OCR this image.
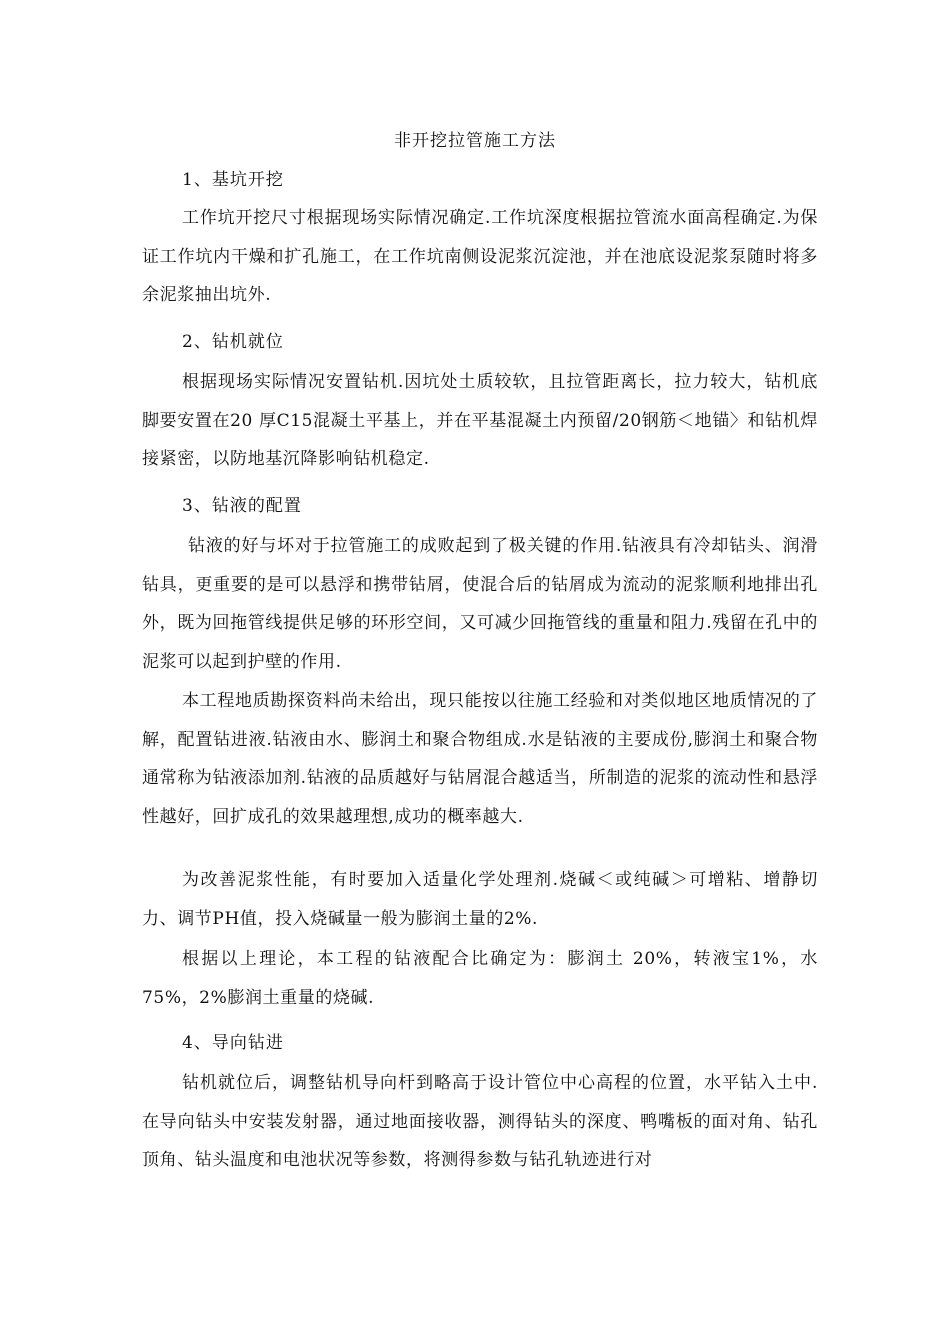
非开挖拉管施工方法
1、基坑开挖
工作坑开挖尺寸根据现场实际情况确定.工作坑深度根据拉管流水面高程确定.为保证工作坑内干燥和扩孔施工，在工作坑南侧设泥浆沉淀池，并在池底设泥浆泵随时将多余泥浆抽出坑外.
2、钻机就位
根据现场实际情况安置钻机.因坑处土质较软，且拉管距离长，拉力较大，钻机底脚要安置在20 厚C15混凝土平基上，并在平基混凝土内预留/20钢筋＜地锚〉和钻机焊接紧密，以防地基沉降影响钻机稳定.
3、钻液的配置
钻液的好与坏对于拉管施工的成败起到了极关键的作用.钻液具有冷却钻头、润滑钻具，更重要的是可以悬浮和携带钻屑，使混合后的钻屑成为流动的泥浆顺利地排出孔外，既为回拖管线提供足够的环形空间，又可减少回拖管线的重量和阻力.残留在孔中的泥浆可以起到护壁的作用.
本工程地质勘探资料尚未给出，现只能按以往施工经验和对类似地区地质情况的了解，配置钻进液.钻液由水、膨润土和聚合物组成.水是钻液的主要成份,膨润土和聚合物通常称为钻液添加剂.钻液的品质越好与钻屑混合越适当，所制造的泥浆的流动性和悬浮性越好，回扩成孔的效果越理想,成功的概率越大.
为改善泥浆性能，有时要加入适量化学处理剂.烧碱＜或纯碱＞可增粘、增静切力、调节PH值，投入烧碱量一般为膨润土量的2%.
根据以上理论，本工程的钻液配合比确定为：膨润土 20%，转液宝1%，水75%，2%膨润土重量的烧碱.
4、导向钻进
钻机就位后，调整钻机导向杆到略高于设计管位中心高程的位置，水平钻入土中.在导向钻头中安装发射器，通过地面接收器，测得钻头的深度、鸭嘴板的面对角、钻孔顶角、钻头温度和电池状况等参数，将测得参数与钻孔轨迹进行对
